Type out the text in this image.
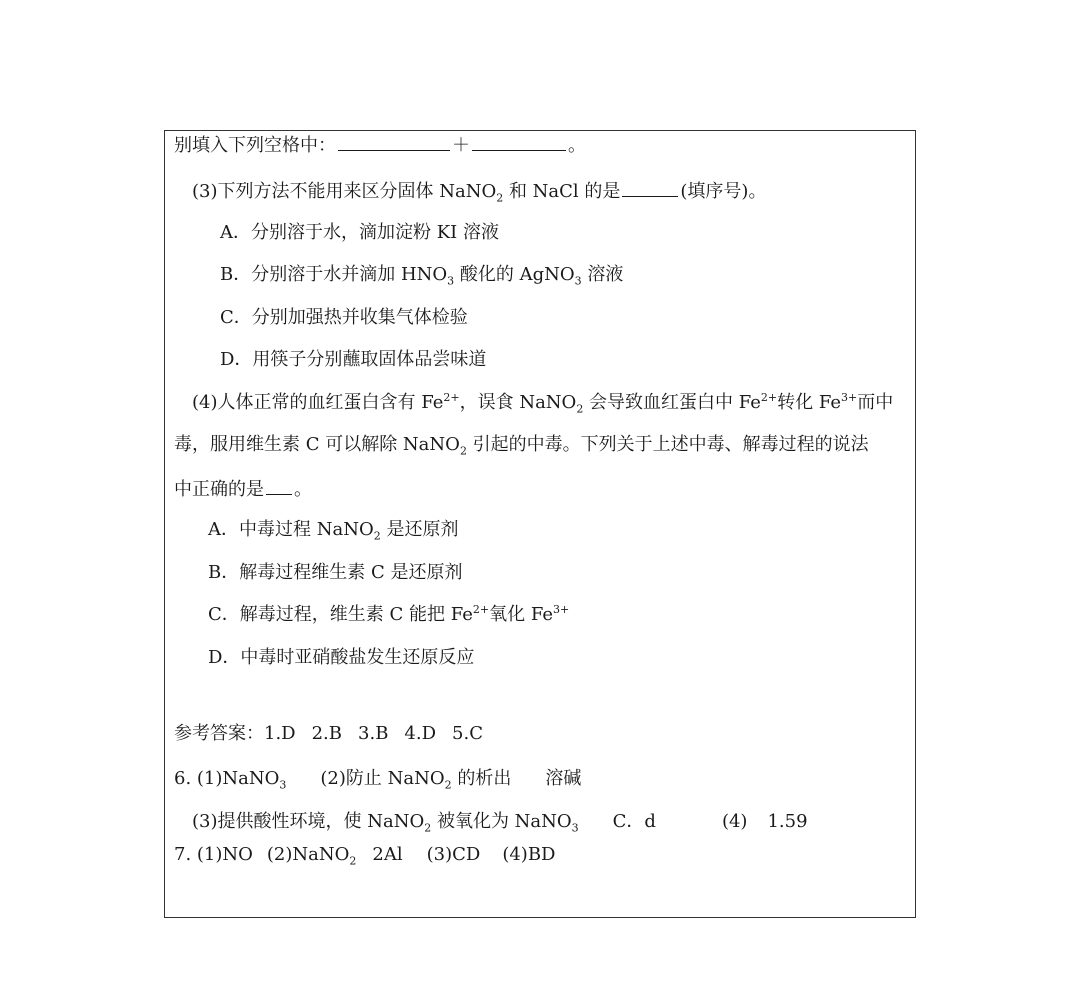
别填入下列空格中：	＋	。
(3)下列方法不能用来区分固体 NaNO$_2$ 和 NaCl 的是	(填序号)。
A．分别溶于水，滴加淀粉 KI 溶液
B．分别溶于水并滴加 $HNO_3$ 酸化的 AgNO$_3$ 溶液
C．分别加强热并收集气体检验
D．用筷子分别蘸取固体品尝味道
(4)人体正常的血红蛋白含有 $Fe^{2+}$，误食 NaNO$_2$ 会导致血红蛋白中 $Fe^{2+}$转化 $Fe^{3+}$而中
毒，服用维生素 C 可以解除 NaNO$_2$ 引起的中毒。下列关于上述中毒、解毒过程的说法
中正确的是 。
A．中毒过程 NaNO$_2$ 是还原剂
B．解毒过程维生素 C 是还原剂
C．解毒过程，维生素 C 能把 $Fe^{2+}$氧化 $Fe^{3+}$
D．中毒时亚硝酸盐发生还原反应
参考答案：1.D 2.B 3.B 4.D 5.C
6. (1)NaNO$_3$ (2)防止 NaNO$_2$ 的析出 溶碱
(3)提供酸性环境，使 NaNO$_2$ 被氧化为 NaNO$_3$ C．d	(4) 1.59
7. (1)NO (2)NaNO$_2$ 2Al (3)CD (4)BD
